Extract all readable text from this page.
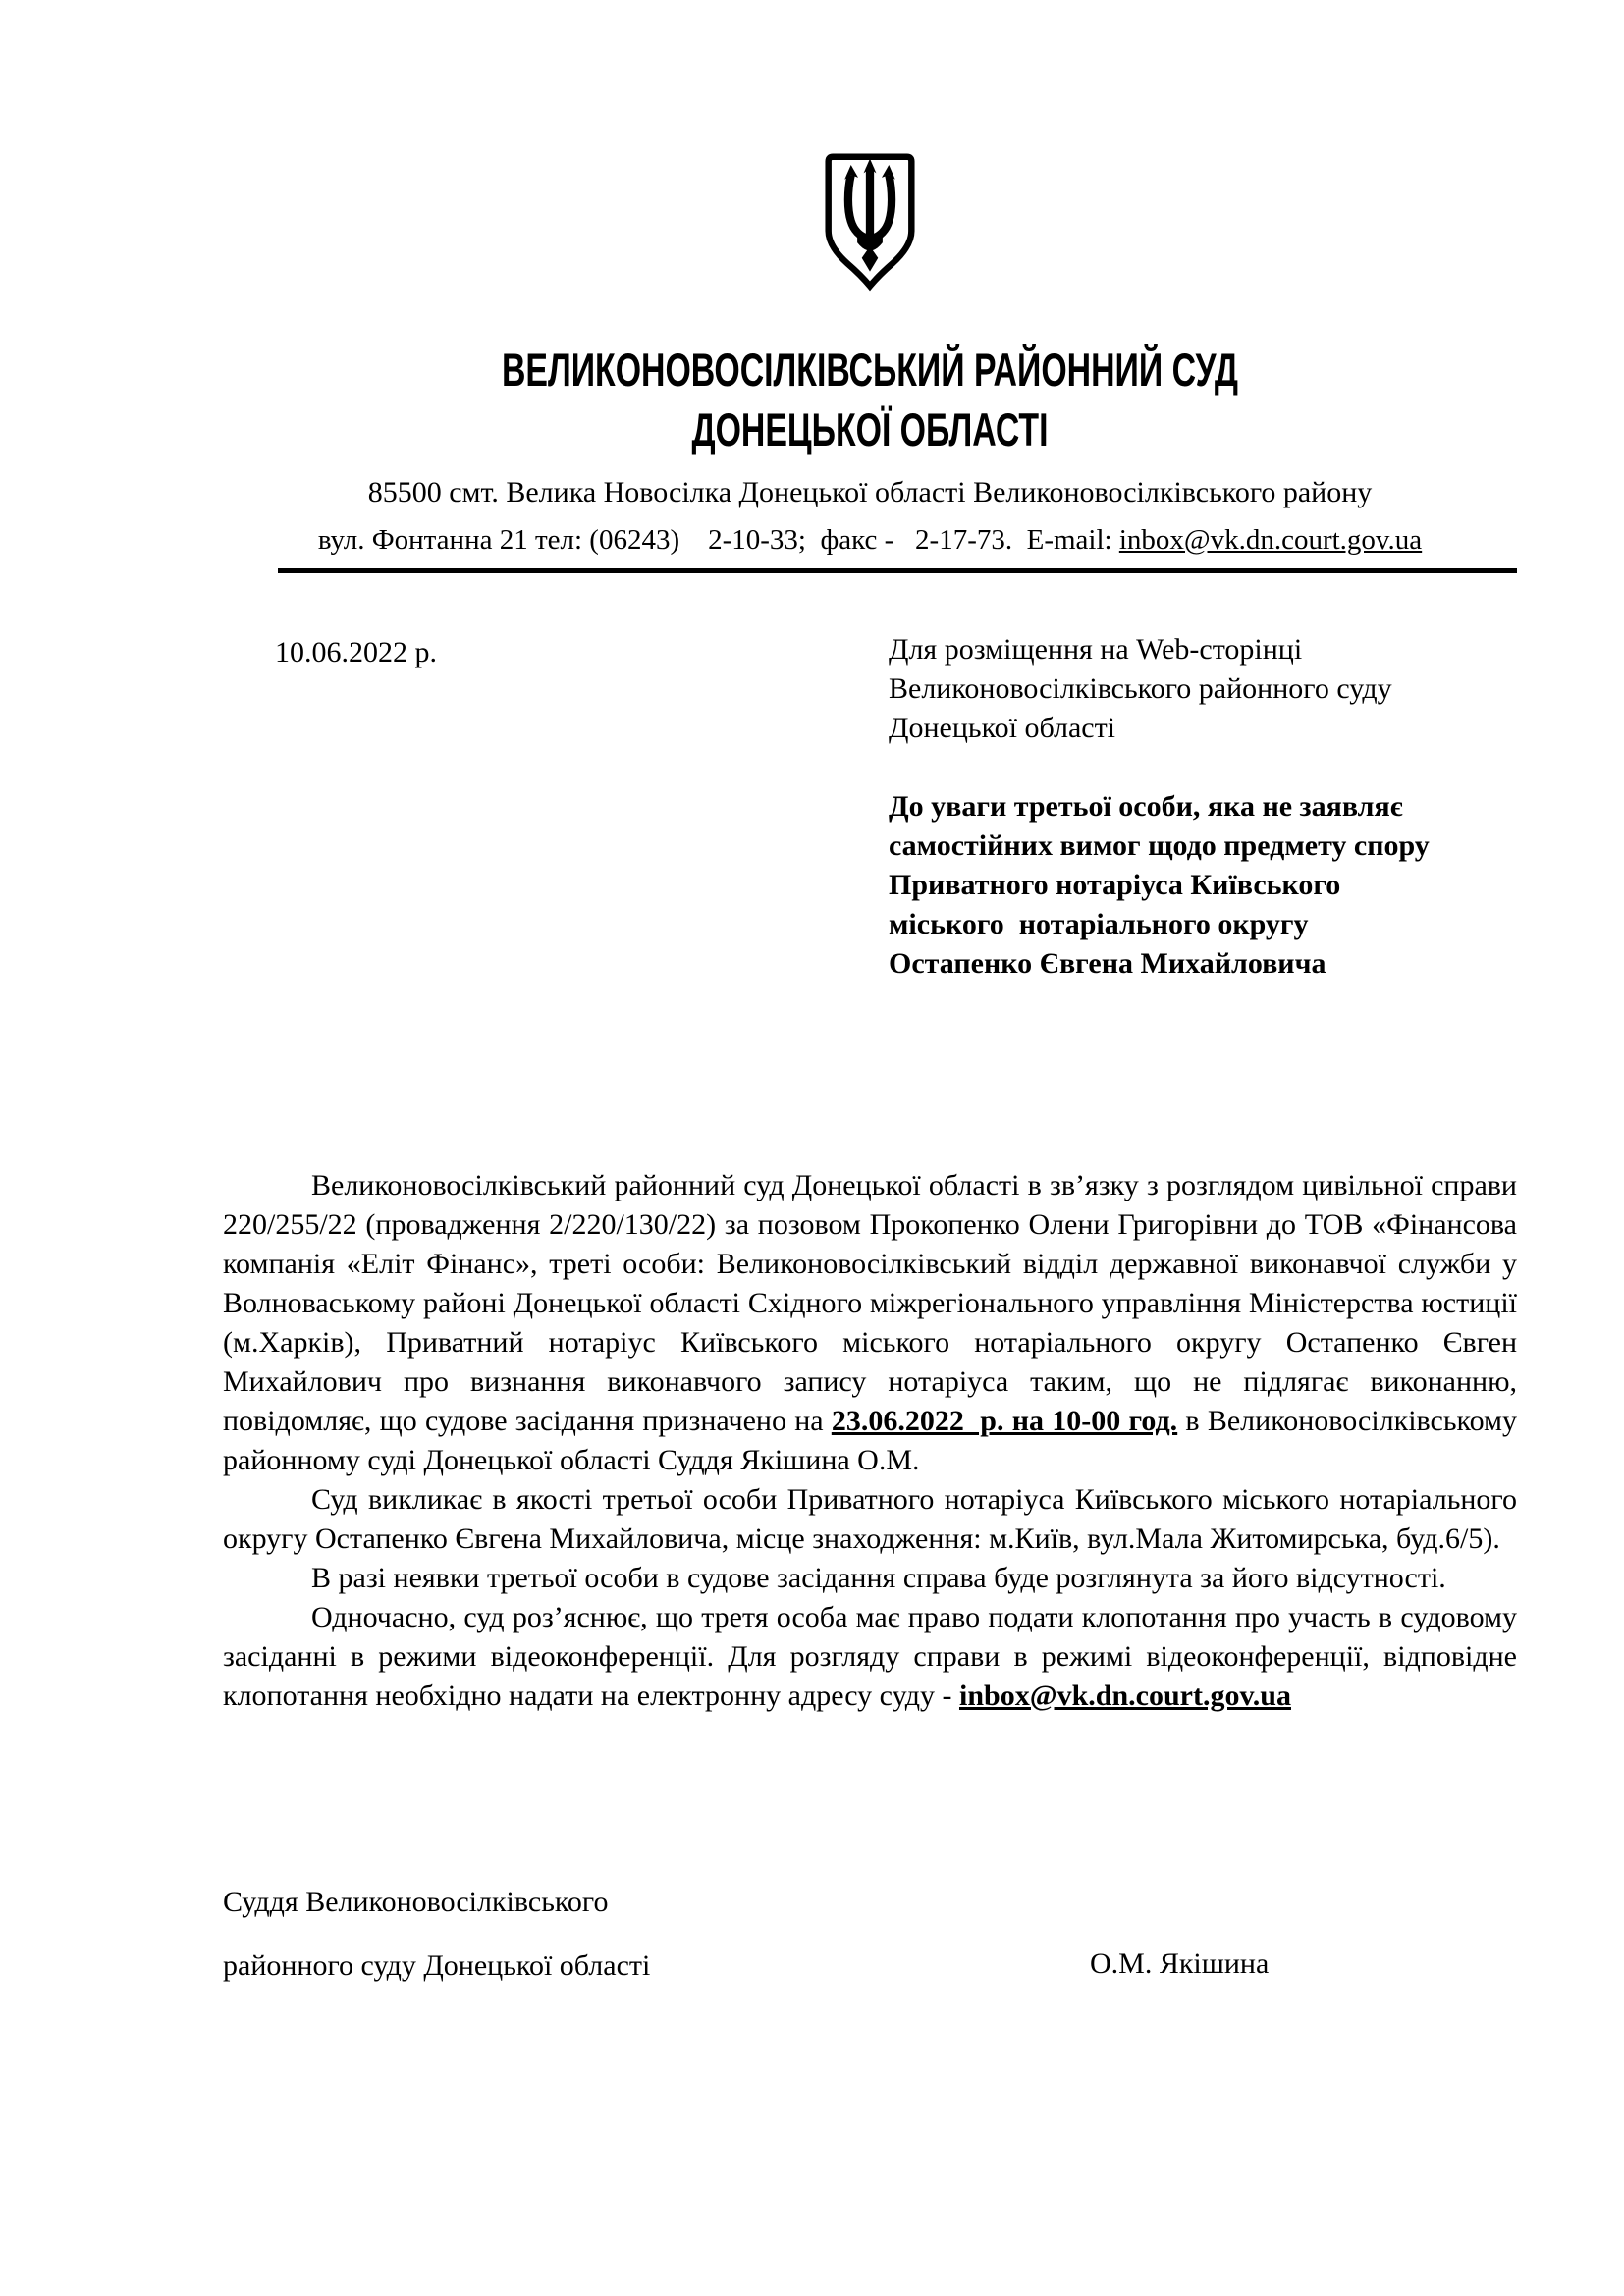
ВЕЛИКОНОВОСІЛКІВСЬКИЙ РАЙОННИЙ СУД
ДОНЕЦЬКОЇ ОБЛАСТІ
85500 смт. Велика Новосілка Донецької області Великоновосілківського району
вул. Фонтанна 21 тел: (06243)    2-10-33;  факс -   2-17-73.  E-mail: inbox@vk.dn.court.gov.ua
10.06.2022 р.	Для розміщення на Web-сторінці
Великоновосілківського районного суду
Донецької області
До уваги третьої особи, яка не заявляє
самостійних вимог щодо предмету спору
Приватного нотаріуса Київського
міського  нотаріального округу
Остапенко Євгена Михайловича

Великоновосілківський районний суд Донецької області в зв’язку з розглядом цивільної справи 220/255/22 (провадження 2/220/130/22) за позовом Прокопенко Олени Григорівни до ТОВ «Фінансова компанія «Еліт Фінанс», треті особи: Великоновосілківський відділ державної виконавчої служби у Волноваському районі Донецької області Східного міжрегіонального управління Міністерства юстиції (м.Харків), Приватний нотаріус Київського міського нотаріального округу Остапенко Євген Михайлович про визнання виконавчого запису нотаріуса таким, що не підлягає виконанню, повідомляє, що судове засідання призначено на 23.06.2022  р. на 10-00 год. в Великоновосілківському районному суді Донецької області Суддя Якішина О.М.

Суд викликає в якості третьої особи Приватного нотаріуса Київського міського нотаріального округу Остапенко Євгена Михайловича, місце знаходження: м.Київ, вул.Мала Житомирська, буд.6/5).

В разі неявки третьої особи в судове засідання справа буде розглянута за його відсутності.

Одночасно, суд роз’яснює, що третя особа має право подати клопотання про участь в судовому засіданні в режими відеоконференції. Для розгляду справи в режимі відеоконференції, відповідне клопотання необхідно надати на електронну адресу суду - inbox@vk.dn.court.gov.ua

Суддя Великоновосілківського
районного суду Донецької області	О.М. Якішина
